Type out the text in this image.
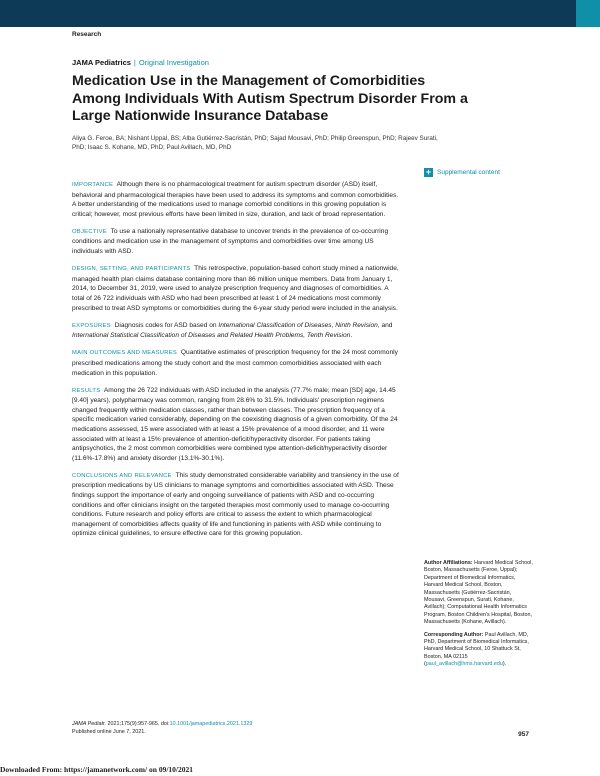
Research
JAMA Pediatrics | Original Investigation
Medication Use in the Management of Comorbidities Among Individuals With Autism Spectrum Disorder From a Large Nationwide Insurance Database
Aliya G. Feroe, BA; Nishant Uppal, BS; Alba Gutiérrez-Sacristán, PhD; Sajad Mousavi, PhD; Philip Greenspun, PhD; Rajeev Surati, PhD; Isaac S. Kohane, MD, PhD; Paul Avillach, MD, PhD
+ Supplemental content

IMPORTANCE Although there is no pharmacological treatment for autism spectrum disorder (ASD) itself, behavioral and pharmacological therapies have been used to address its symptoms and common comorbidities. A better understanding of the medications used to manage comorbid conditions in this growing population is critical; however, most previous efforts have been limited in size, duration, and lack of broad representation.

OBJECTIVE To use a nationally representative database to uncover trends in the prevalence of co-occurring conditions and medication use in the management of symptoms and comorbidities over time among US individuals with ASD.

DESIGN, SETTING, AND PARTICIPANTS This retrospective, population-based cohort study mined a nationwide, managed health plan claims database containing more than 86 million unique members. Data from January 1, 2014, to December 31, 2019, were used to analyze prescription frequency and diagnoses of comorbidities. A total of 26 722 individuals with ASD who had been prescribed at least 1 of 24 medications most commonly prescribed to treat ASD symptoms or comorbidities during the 6-year study period were included in the analysis.

EXPOSURES Diagnosis codes for ASD based on International Classification of Diseases, Ninth Revision, and International Statistical Classification of Diseases and Related Health Problems, Tenth Revision.

MAIN OUTCOMES AND MEASURES Quantitative estimates of prescription frequency for the 24 most commonly prescribed medications among the study cohort and the most common comorbidities associated with each medication in this population.

RESULTS Among the 26 722 individuals with ASD included in the analysis (77.7% male; mean [SD] age, 14.45 [9.40] years), polypharmacy was common, ranging from 28.6% to 31.5%. Individuals' prescription regimens changed frequently within medication classes, rather than between classes. The prescription frequency of a specific medication varied considerably, depending on the coexisting diagnosis of a given comorbidity. Of the 24 medications assessed, 15 were associated with at least a 15% prevalence of a mood disorder, and 11 were associated with at least a 15% prevalence of attention-deficit/hyperactivity disorder. For patients taking antipsychotics, the 2 most common comorbidities were combined type attention-deficit/hyperactivity disorder (11.6%-17.8%) and anxiety disorder (13.1%-30.1%).

CONCLUSIONS AND RELEVANCE This study demonstrated considerable variability and transiency in the use of prescription medications by US clinicians to manage symptoms and comorbidities associated with ASD. These findings support the importance of early and ongoing surveillance of patients with ASD and co-occurring conditions and offer clinicians insight on the targeted therapies most commonly used to manage co-occurring conditions. Future research and policy efforts are critical to assess the extent to which pharmacological management of comorbidities affects quality of life and functioning in patients with ASD while continuing to optimize clinical guidelines, to ensure effective care for this growing population.

Author Affiliations: Harvard Medical School, Boston, Massachusetts (Feroe, Uppal); Department of Biomedical Informatics, Harvard Medical School, Boston, Massachusetts (Gutiérrez-Sacristán, Mousavi, Greenspun, Surati, Kohane, Avillach); Computational Health Informatics Program, Boston Children's Hospital, Boston, Massachusetts (Kohane, Avillach).

Corresponding Author: Paul Avillach, MD, PhD, Department of Biomedical Informatics, Harvard Medical School, 10 Shattuck St, Boston, MA 02115 (paul_avillach@hms.harvard.edu).

JAMA Pediatr. 2021;175(9):957-965. doi:10.1001/jamapediatrics.2021.1329
Published online June 7, 2021.	957
Downloaded From: https://jamanetwork.com/ on 09/10/2021
